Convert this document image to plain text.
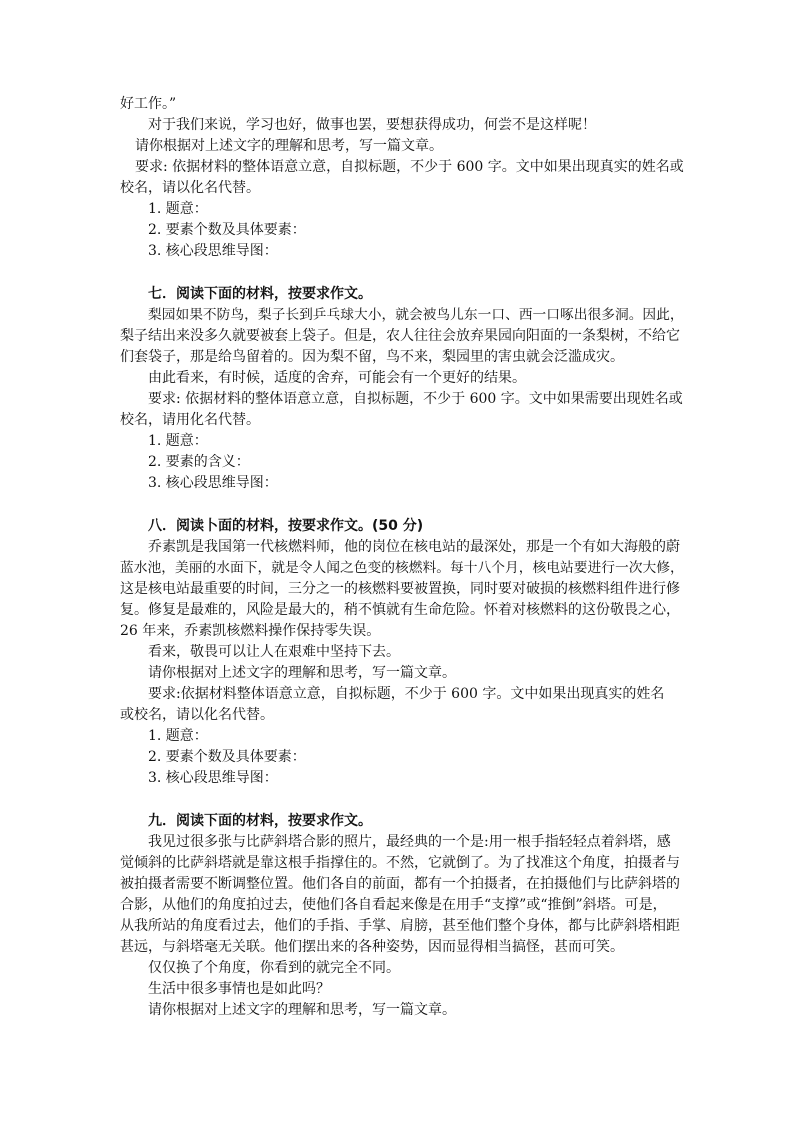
好工作。”
对于我们来说，学习也好，做事也罢，要想获得成功，何尝不是这样呢！
请你根据对上述文字的理解和思考，写一篇文章。
要求: 依据材料的整体语意立意，自拟标题，不少于 600 字。文中如果出现真实的姓名或
校名，请以化名代替。
1. 题意：
2. 要素个数及具体要素：
3. 核心段思维导图：
七．阅读下面的材料，按要求作文。
梨园如果不防鸟，梨子长到乒乓球大小，就会被鸟儿东一口、西一口啄出很多洞。因此，
梨子结出来没多久就要被套上袋子。但是，农人往往会放弃果园向阳面的一条梨树，不给它
们套袋子，那是给鸟留着的。因为梨不留，鸟不来，梨园里的害虫就会泛滥成灾。
由此看来，有时候，适度的舍弃，可能会有一个更好的结果。
要求: 依据材料的整体语意立意，自拟标题，不少于 600 字。文中如果需要出现姓名或
校名，请用化名代替。
1. 题意：
2. 要素的含义：
3. 核心段思维导图：
八．阅读卜面的材料，按要求作文。(50 分)
乔素凯是我国第一代核燃料师，他的岗位在核电站的最深处，那是一个有如大海般的蔚
蓝水池，美丽的水面下，就是令人闻之色变的核燃料。每十八个月，核电站要进行一次大修，
这是核电站最重要的时间，三分之一的核燃料要被置换，同时要对破损的核燃料组件进行修
复。修复是最难的，风险是最大的，稍不慎就有生命危险。怀着对核燃料的这份敬畏之心，
26 年来，乔素凯核燃料操作保持零失误。
看来，敬畏可以让人在艰难中坚持下去。
请你根据对上述文字的理解和思考，写一篇文章。
要求:依据材料整体语意立意，自拟标题，不少于 600 字。文中如果出现真实的姓名
或校名，请以化名代替。
1. 题意：
2. 要素个数及具体要素：
3. 核心段思维导图：
九．阅读下面的材料，按要求作文。
我见过很多张与比萨斜塔合影的照片，最经典的一个是:用一根手指轻轻点着斜塔，感
觉倾斜的比萨斜塔就是靠这根手指撑住的。不然，它就倒了。为了找准这个角度，拍摄者与
被拍摄者需要不断调整位置。他们各自的前面，都有一个拍摄者，在拍摄他们与比萨斜塔的
合影，从他们的角度拍过去，使他们各自看起来像是在用手“支撑”或“推倒”斜塔。可是，
从我所站的角度看过去，他们的手指、手掌、肩膀，甚至他们整个身体，都与比萨斜塔相距
甚远，与斜塔毫无关联。他们摆出来的各种姿势，因而显得相当搞怪，甚而可笑。
仅仅换了个角度，你看到的就完全不同。
生活中很多事情也是如此吗？
请你根据对上述文字的理解和思考，写一篇文章。
